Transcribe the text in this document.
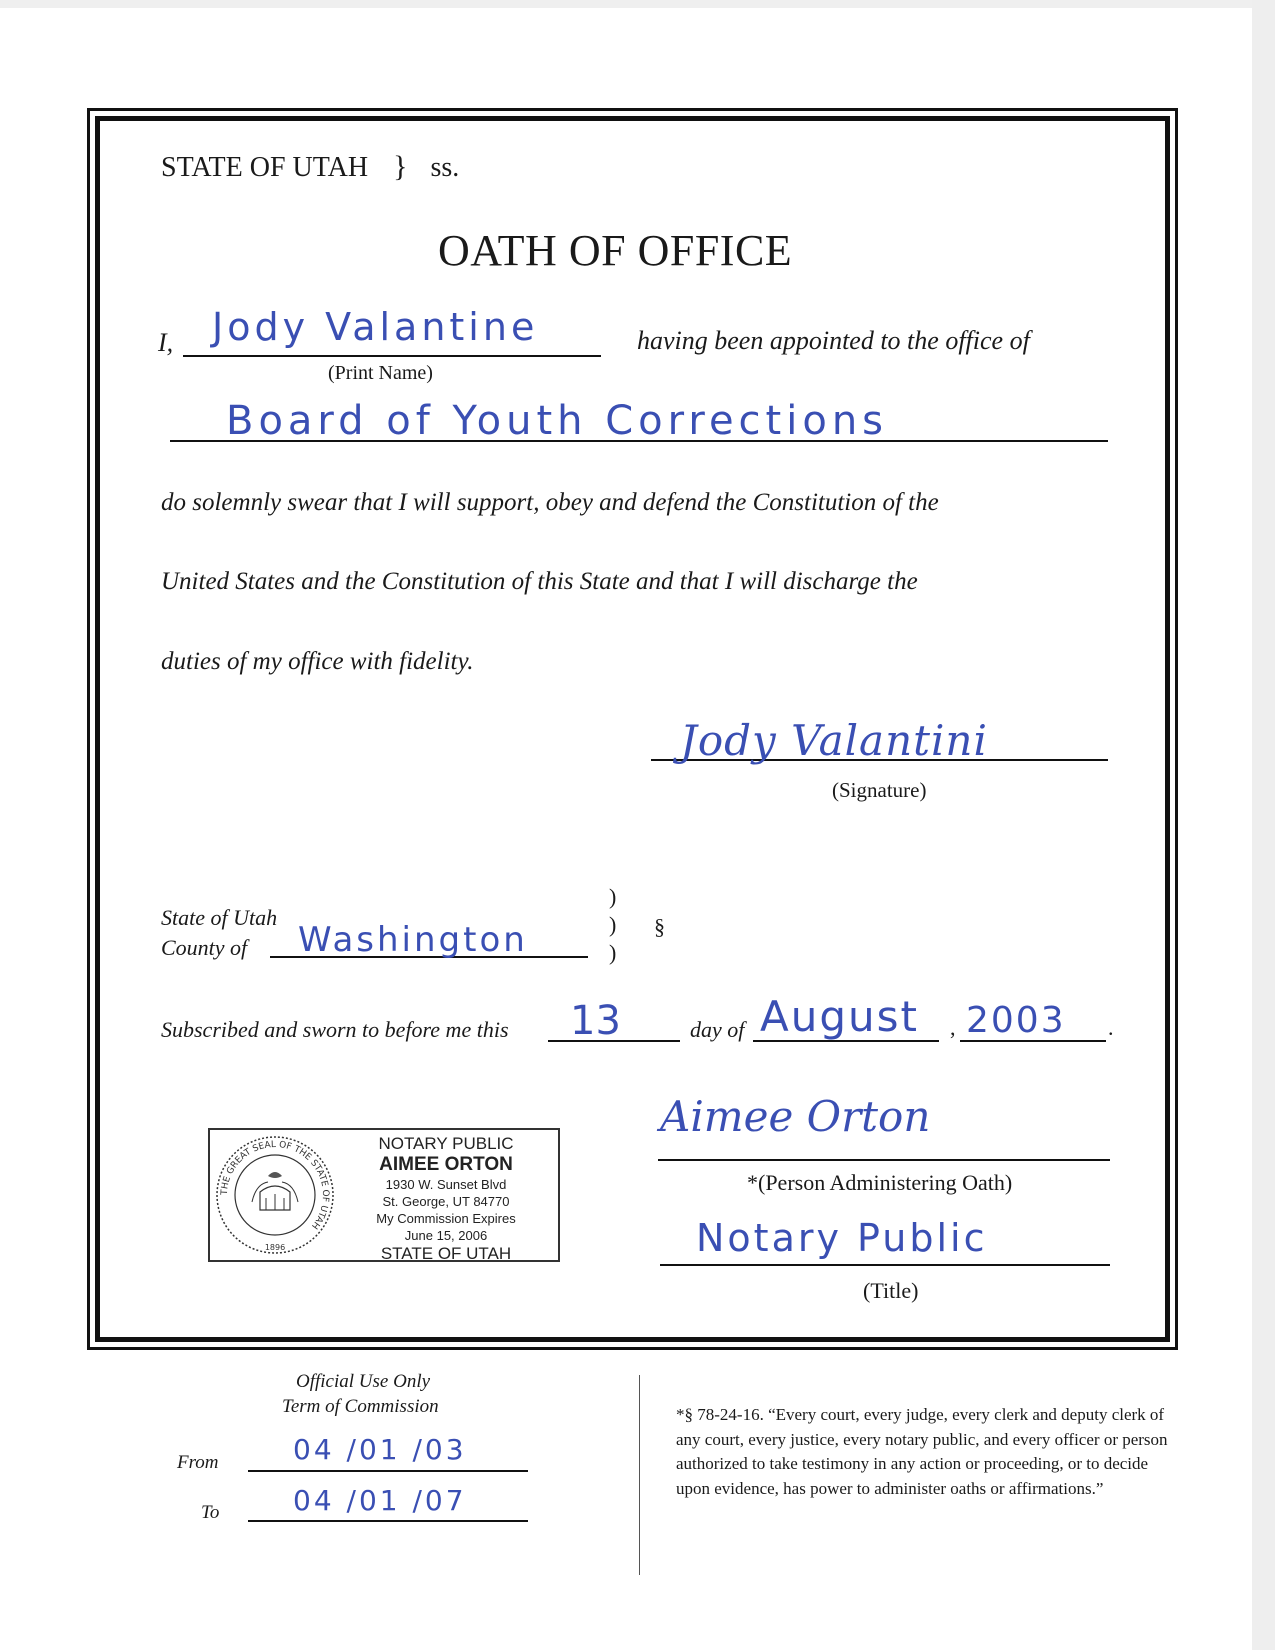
STATE OF UTAH } ss.
OATH OF OFFICE
I, Jody Valantine
(Print Name)
having been appointed to the office of
Board of Youth Corrections
do solemnly swear that I will support, obey and defend the Constitution of the
United States and the Constitution of this State and that I will discharge the
duties of my office with fidelity.
Jody Valantini
(Signature)
State of Utah
County of Washington
)
)
)
§
Subscribed and sworn to before me this 13	day of August , 2003 .
THE GREAT SEAL OF THE STATE OF UTAH
1896
NOTARY PUBLIC
AIMEE ORTON
1930 W. Sunset Blvd
St. George, UT 84770
My Commission Expires
June 15, 2006
STATE OF UTAH
Aimee Orton
*(Person Administering Oath)
Notary Public
(Title)
Official Use Only
Term of Commission
From	04 /01 /03
To	04 /01 /07
*§ 78-24-16. “Every court, every judge, every clerk and deputy clerk of any court, every justice, every notary public, and every officer or person authorized to take testimony in any action or proceeding, or to decide upon evidence, has power to administer oaths or affirmations.”
